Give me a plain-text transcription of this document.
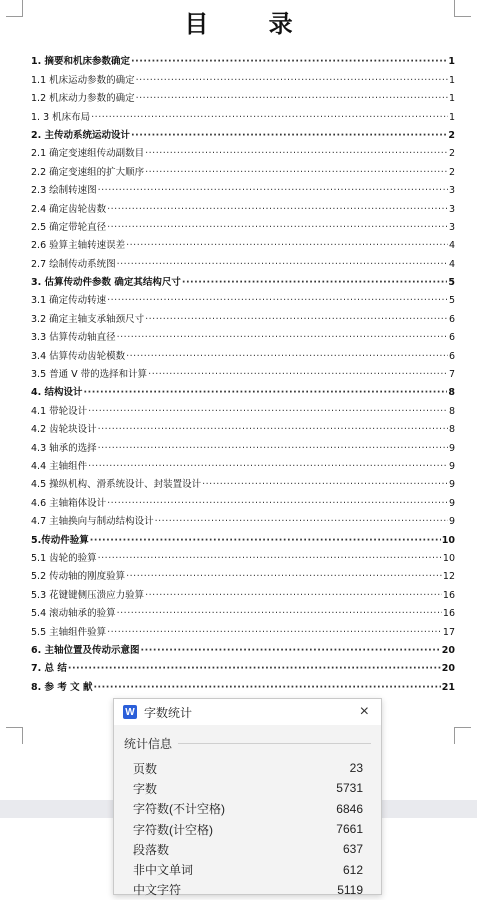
目 录
1. 摘要和机床参数确定 ·····	1
1.1 机床运动参数的确定 ·····	1
1.2 机床动力参数的确定 ·····	1
1. 3 机床布局 ·····	1
2. 主传动系统运动设计 ·····	2
2.1 确定变速组传动副数目 ·····	2
2.2 确定变速组的扩大顺序 ·····	2
2.3 绘制转速图 ·····	3
2.4 确定齿轮齿数 ·····	3
2.5 确定带轮直径 ·····	3
2.6 验算主轴转速误差 ·····	4
2.7 绘制传动系统图 ·····	4
3. 估算传动件参数 确定其结构尺寸 ·····	5
3.1 确定传动转速 ·····	5
3.2 确定主轴支承轴颈尺寸 ·····	6
3.3 估算传动轴直径 ·····	6
3.4 估算传动齿轮模数 ·····	6
3.5 普通 V 带的选择和计算 ·····	7
4. 结构设计 ·····	8
4.1 带轮设计 ·····	8
4.2 齿轮块设计 ·····	8
4.3 轴承的选择 ·····	9
4.4 主轴组件 ·····	9
4.5 操纵机构、滑系统设计、封装置设计 ·····	9
4.6 主轴箱体设计 ·····	9
4.7 主轴换向与制动结构设计 ·····	9
5.传动件验算 ·····	10
5.1 齿轮的验算 ·····	10
5.2 传动轴的刚度验算 ·····	12
5.3 花键键侧压溃应力验算 ·····	16
5.4 滚动轴承的验算 ·····	16
5.5 主轴组件验算 ·····	17
6. 主轴位置及传动示意图 ·····	20
7. 总 结 ·····	20
8. 参 考 文 献 ·····	21
W 字数统计	×
统计信息
页数	23
字数	5731
字符数(不计空格)	6846
字符数(计空格)	7661
段落数	637
非中文单词	612
中文字符	5119
